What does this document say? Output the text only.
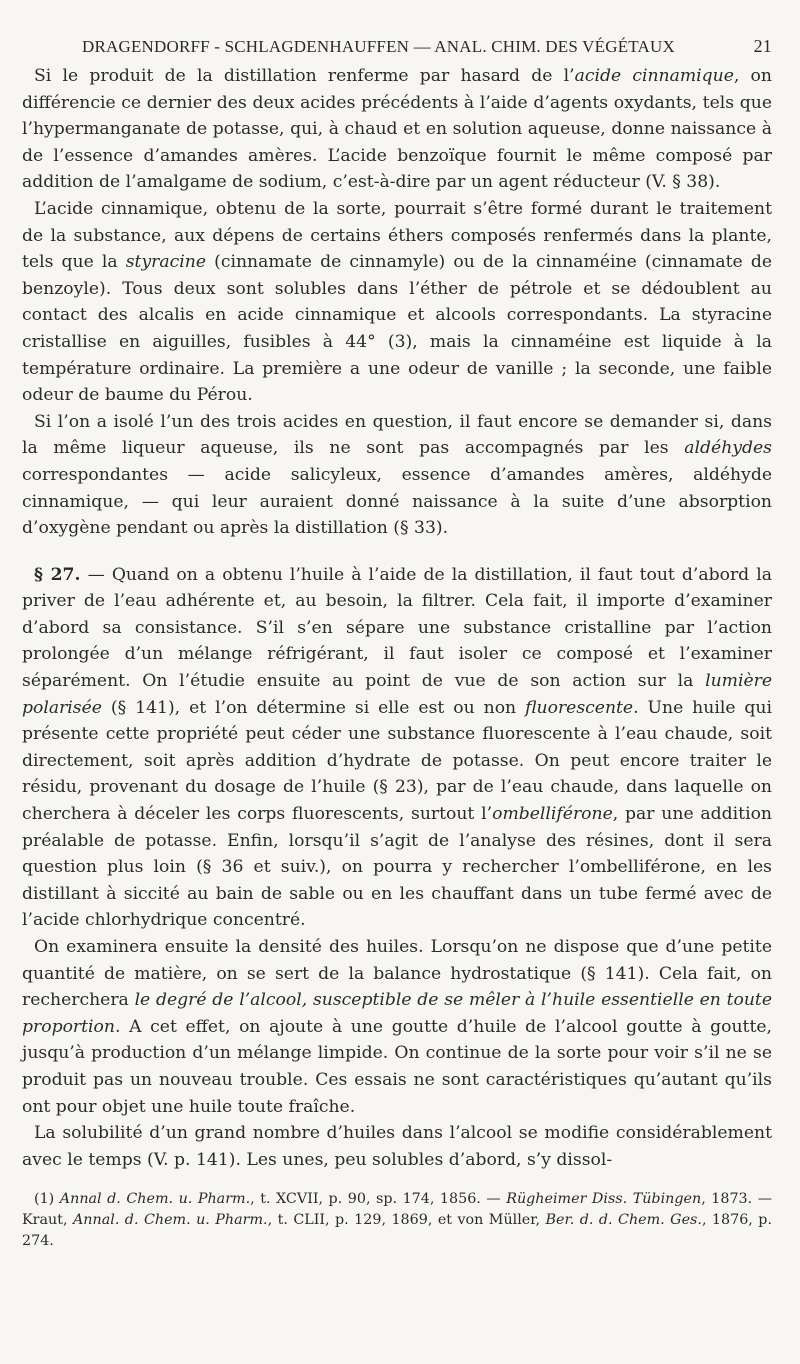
DRAGENDORFF - SCHLAGDENHAUFFEN — ANAL. CHIM. DES VÉGÉTAUX	21

Si le produit de la distillation renferme par hasard de l’acide cinnamique, on différencie ce dernier des deux acides précédents à l’aide d’agents oxydants, tels que l’hypermanganate de potasse, qui, à chaud et en solution aqueuse, donne naissance à de l’essence d’amandes amères. L’acide benzoïque fournit le même composé par addition de l’amalgame de sodium, c’est-à-dire par un agent réducteur (V. § 38).

L’acide cinnamique, obtenu de la sorte, pourrait s’être formé durant le traitement de la substance, aux dépens de certains éthers composés renfermés dans la plante, tels que la styracine (cinnamate de cinnamyle) ou de la cinnaméine (cinnamate de benzoyle). Tous deux sont solubles dans l’éther de pétrole et se dédoublent au contact des alcalis en acide cinnamique et alcools correspondants. La styracine cristallise en aiguilles, fusibles à 44° (3), mais la cinnaméine est liquide à la température ordinaire. La première a une odeur de vanille ; la seconde, une faible odeur de baume du Pérou.

Si l’on a isolé l’un des trois acides en question, il faut encore se demander si, dans la même liqueur aqueuse, ils ne sont pas accompagnés par les aldéhydes correspondantes — acide salicyleux, essence d’amandes amères, aldéhyde cinnamique, — qui leur auraient donné naissance à la suite d’une absorption d’oxygène pendant ou après la distillation (§ 33).

§ 27. — Quand on a obtenu l’huile à l’aide de la distillation, il faut tout d’abord la priver de l’eau adhérente et, au besoin, la filtrer. Cela fait, il importe d’examiner d’abord sa consistance. S’il s’en sépare une substance cristalline par l’action prolongée d’un mélange réfrigérant, il faut isoler ce composé et l’examiner séparément. On l’étudie ensuite au point de vue de son action sur la lumière polarisée (§ 141), et l’on détermine si elle est ou non fluorescente. Une huile qui présente cette propriété peut céder une substance fluorescente à l’eau chaude, soit directement, soit après addition d’hydrate de potasse. On peut encore traiter le résidu, provenant du dosage de l’huile (§ 23), par de l’eau chaude, dans laquelle on cherchera à déceler les corps fluorescents, surtout l’ombelliférone, par une addition préalable de potasse. Enfin, lorsqu’il s’agit de l’analyse des résines, dont il sera question plus loin (§ 36 et suiv.), on pourra y rechercher l’ombelliférone, en les distillant à siccité au bain de sable ou en les chauffant dans un tube fermé avec de l’acide chlorhydrique concentré.

On examinera ensuite la densité des huiles. Lorsqu’on ne dispose que d’une petite quantité de matière, on se sert de la balance hydrostatique (§ 141). Cela fait, on recherchera le degré de l’alcool, susceptible de se mêler à l’huile essentielle en toute proportion. A cet effet, on ajoute à une goutte d’huile de l’alcool goutte à goutte, jusqu’à production d’un mélange limpide. On continue de la sorte pour voir s’il ne se produit pas un nouveau trouble. Ces essais ne sont caractéristiques qu’autant qu’ils ont pour objet une huile toute fraîche.

La solubilité d’un grand nombre d’huiles dans l’alcool se modifie considérablement avec le temps (V. p. 141). Les unes, peu solubles d’abord, s’y dissol-

(1) Annal d. Chem. u. Pharm., t. XCVII, p. 90, sp. 174, 1856. — Rügheimer Diss. Tübingen, 1873. — Kraut, Annal. d. Chem. u. Pharm., t. CLII, p. 129, 1869, et von Müller, Ber. d. d. Chem. Ges., 1876, p. 274.
